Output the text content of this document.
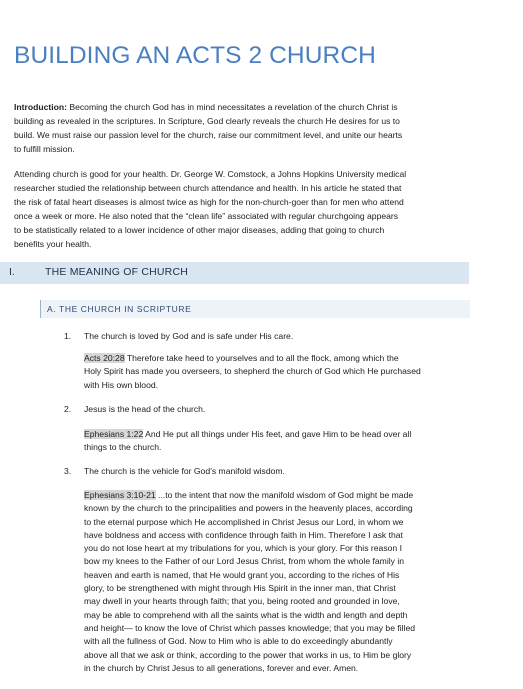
BUILDING AN ACTS 2 CHURCH
Introduction: Becoming the church God has in mind necessitates a revelation of the church Christ is
building as revealed in the scriptures. In Scripture, God clearly reveals the church He desires for us to
build. We must raise our passion level for the church, raise our commitment level, and unite our hearts
to fulfill mission.
Attending church is good for your health. Dr. George W. Comstock, a Johns Hopkins University medical
researcher studied the relationship between church attendance and health. In his article he stated that
the risk of fatal heart diseases is almost twice as high for the non-church-goer than for men who attend
once a week or more. He also noted that the “clean life” associated with regular churchgoing appears
to be statistically related to a lower incidence of other major diseases, adding that going to church
benefits your health.
I.	THE MEANING OF CHURCH
A. THE CHURCH IN SCRIPTURE
1. The church is loved by God and is safe under His care.
Acts 20:28 Therefore take heed to yourselves and to all the flock, among which the
Holy Spirit has made you overseers, to shepherd the church of God which He purchased
with His own blood.
2. Jesus is the head of the church.
Ephesians 1:22 And He put all things under His feet, and gave Him to be head over all
things to the church.
3. The church is the vehicle for God’s manifold wisdom.
Ephesians 3:10-21 ...to the intent that now the manifold wisdom of God might be made
known by the church to the principalities and powers in the heavenly places, according
to the eternal purpose which He accomplished in Christ Jesus our Lord, in whom we
have boldness and access with confidence through faith in Him. Therefore I ask that
you do not lose heart at my tribulations for you, which is your glory. For this reason I
bow my knees to the Father of our Lord Jesus Christ, from whom the whole family in
heaven and earth is named, that He would grant you, according to the riches of His
glory, to be strengthened with might through His Spirit in the inner man, that Christ
may dwell in your hearts through faith; that you, being rooted and grounded in love,
may be able to comprehend with all the saints what is the width and length and depth
and height— to know the love of Christ which passes knowledge; that you may be filled
with all the fullness of God. Now to Him who is able to do exceedingly abundantly
above all that we ask or think, according to the power that works in us, to Him be glory
in the church by Christ Jesus to all generations, forever and ever. Amen.
